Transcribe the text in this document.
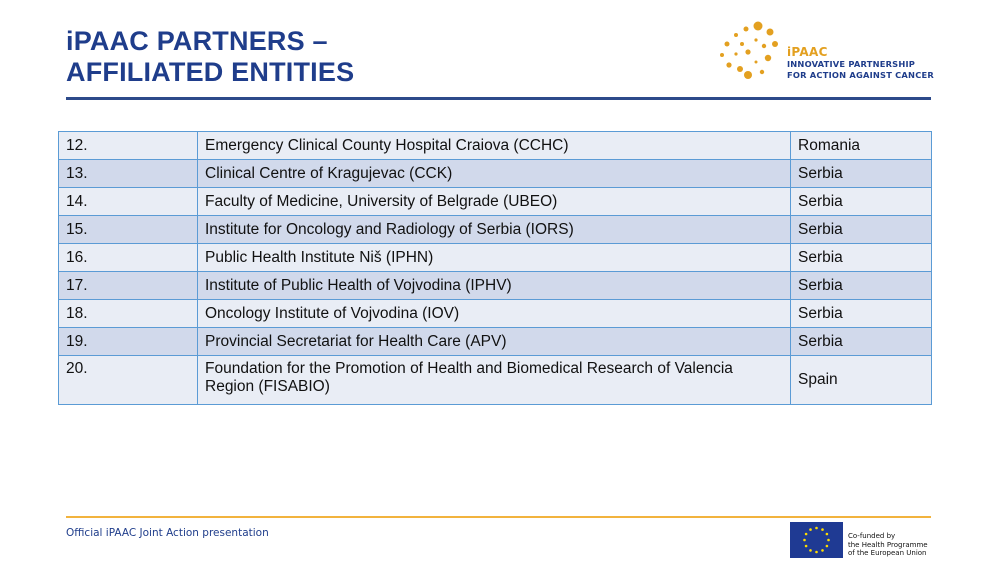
iPAAC PARTNERS –
AFFILIATED ENTITIES
iPAAC
INNOVATIVE PARTNERSHIP
FOR ACTION AGAINST CANCER
12.	Emergency Clinical County Hospital Craiova (CCHC)	Romania
13.	Clinical Centre of Kragujevac (CCK)	Serbia
14.	Faculty of Medicine, University of Belgrade (UBEO)	Serbia
15.	Institute for Oncology and Radiology of Serbia (IORS)	Serbia
16.	Public Health Institute Niš (IPHN)	Serbia
17.	Institute of Public Health of Vojvodina (IPHV)	Serbia
18.	Oncology Institute of Vojvodina (IOV)	Serbia
19.	Provincial Secretariat for Health Care (APV)	Serbia
20.	Foundation for the Promotion of Health and Biomedical Research of Valencia Region (FISABIO)	Spain
Official iPAAC Joint Action presentation	Co-funded by
the Health Programme
of the European Union
